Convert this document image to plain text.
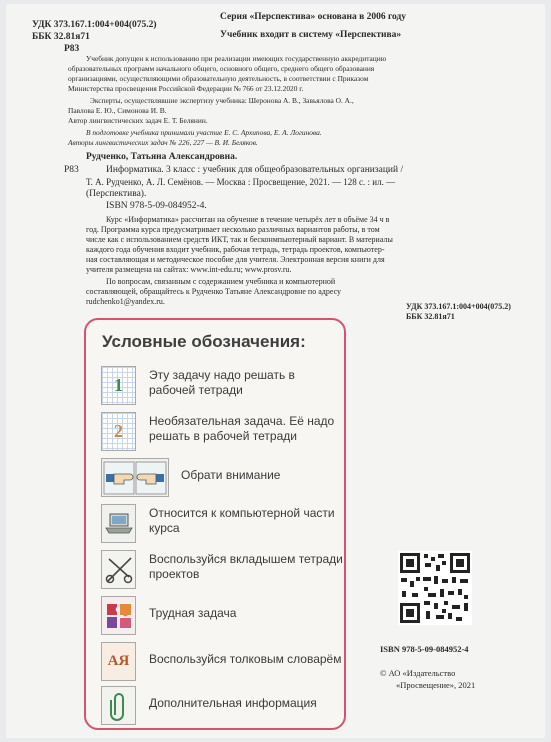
Серия «Перспектива» основана в 2006 году
Учебник входит в систему «Перспектива»
УДК 373.167.1:004+004(075.2)
ББК 32.81я71
Р83
Учебник допущен к использованию при реализации имеющих государственную аккредитацию
образовательных программ начального общего, основного общего, среднего общего образования
организациями, осуществляющими образовательную деятельность, в соответствии с Приказом
Министерства просвещения Российской Федерации № 766 от 23.12.2020 г.
Эксперты, осуществлявшие экспертизу учебника: Шеронова А. В., Завьялова О. А.,
Павлова Е. Ю., Симонова И. В.
Автор лингвистических задач Е. Т. Белянин.
В подготовке учебника принимали участие Е. С. Архипова, Е. А. Логинова.
Авторы лингвистических задач № 226, 227 — В. И. Беляков.
Рудченко, Татьяна Александровна.
Р83	Информатика. 3 класс : учебник для общеобразовательных организаций /
Т. А. Рудченко, А. Л. Семёнов. — Москва : Просвещение, 2021. — 128 с. : ил. —
(Перспектива).
ISBN 978-5-09-084952-4.
Курс «Информатика» рассчитан на обучение в течение четырёх лет в объёме 34 ч в
год. Программа курса предусматривает несколько различных вариантов работы, в том
числе как с использованием средств ИКТ, так и бесконмпьютерный вариант. В материалы
каждого года обучения входит учебник, рабочая тетрадь, тетрадь проектов, компьютер-
ная составляющая и методическое пособие для учителя. Электронная версия книги для
учителя размещена на сайтах: www.int-edu.ru; www.prosv.ru.
По вопросам, связанным с содержанием учебника и компьютерной
составляющей, обращайтесь к Рудченко Татьяне Александровне по адресу
rudchenko1@yandex.ru.
УДК 373.167.1:004+004(075.2)
ББК 32.81я71
Условные обозначения:
1 Эту задачу надо решать в рабочей тетради
2 Необязательная задача. Её надо решать в рабочей тетради
Обрати внимание
Относится к компьютерной части курса
Воспользуйся вкладышем тетради проектов
Трудная задача
АЯ Воспользуйся толковым словарём
Дополнительная информация
ISBN 978-5-09-084952-4
© АО «Издательство
«Просвещение», 2021
